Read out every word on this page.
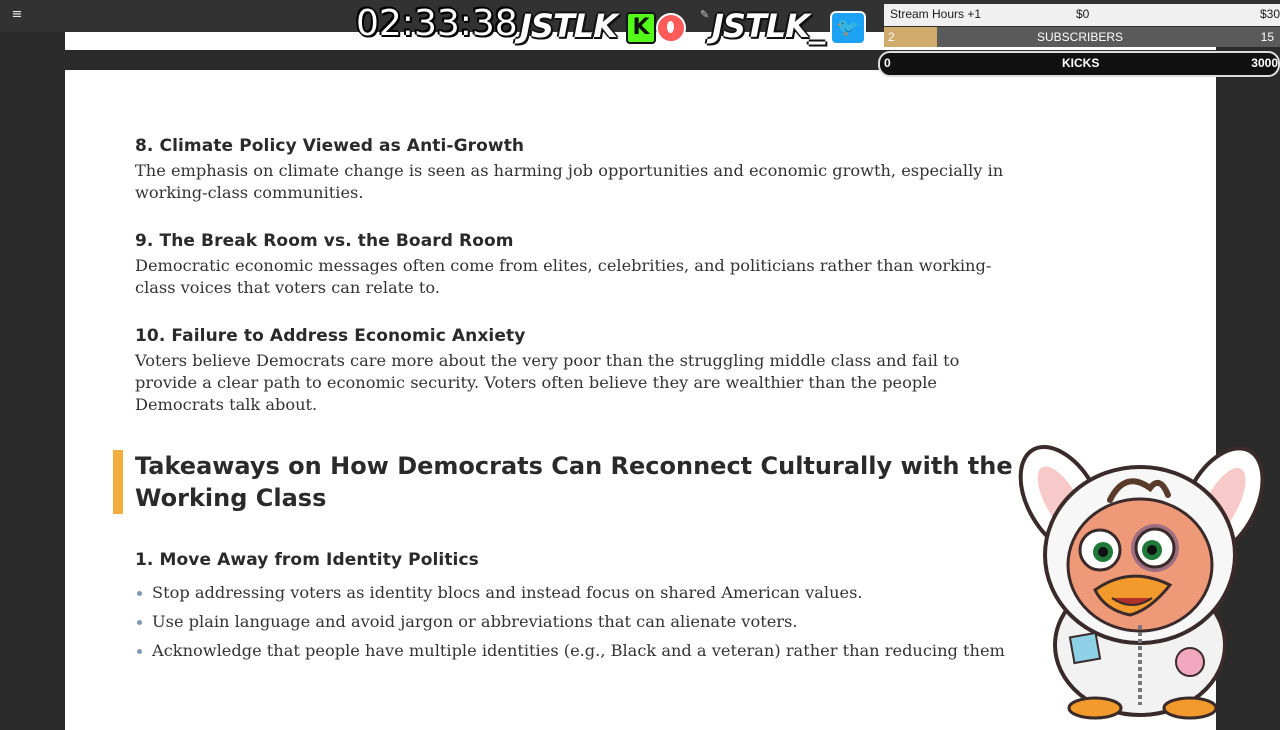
≡
8. Climate Policy Viewed as Anti-Growth

The emphasis on climate change is seen as harming job opportunities and economic growth, especially in working-class communities.

9. The Break Room vs. the Board Room

Democratic economic messages often come from elites, celebrities, and politicians rather than working-class voices that voters can relate to.

10. Failure to Address Economic Anxiety

Voters believe Democrats care more about the very poor than the struggling middle class and fail to provide a clear path to economic security. Voters often believe they are wealthier than the people Democrats talk about.

Takeaways on How Democrats Can Reconnect Culturally with the Working Class
1. Move Away from Identity Politics
Stop addressing voters as identity blocs and instead focus on shared American values.
Use plain language and avoid jargon or abbreviations that can alienate voters.
Acknowledge that people have multiple identities (e.g., Black and a veteran) rather than reducing them
02:33:38 JSTLK K
✎ JSTLK_ 🐦
Stream Hours +1	$0	$30
2	SUBSCRIBERS	15
0	KICKS	3000
